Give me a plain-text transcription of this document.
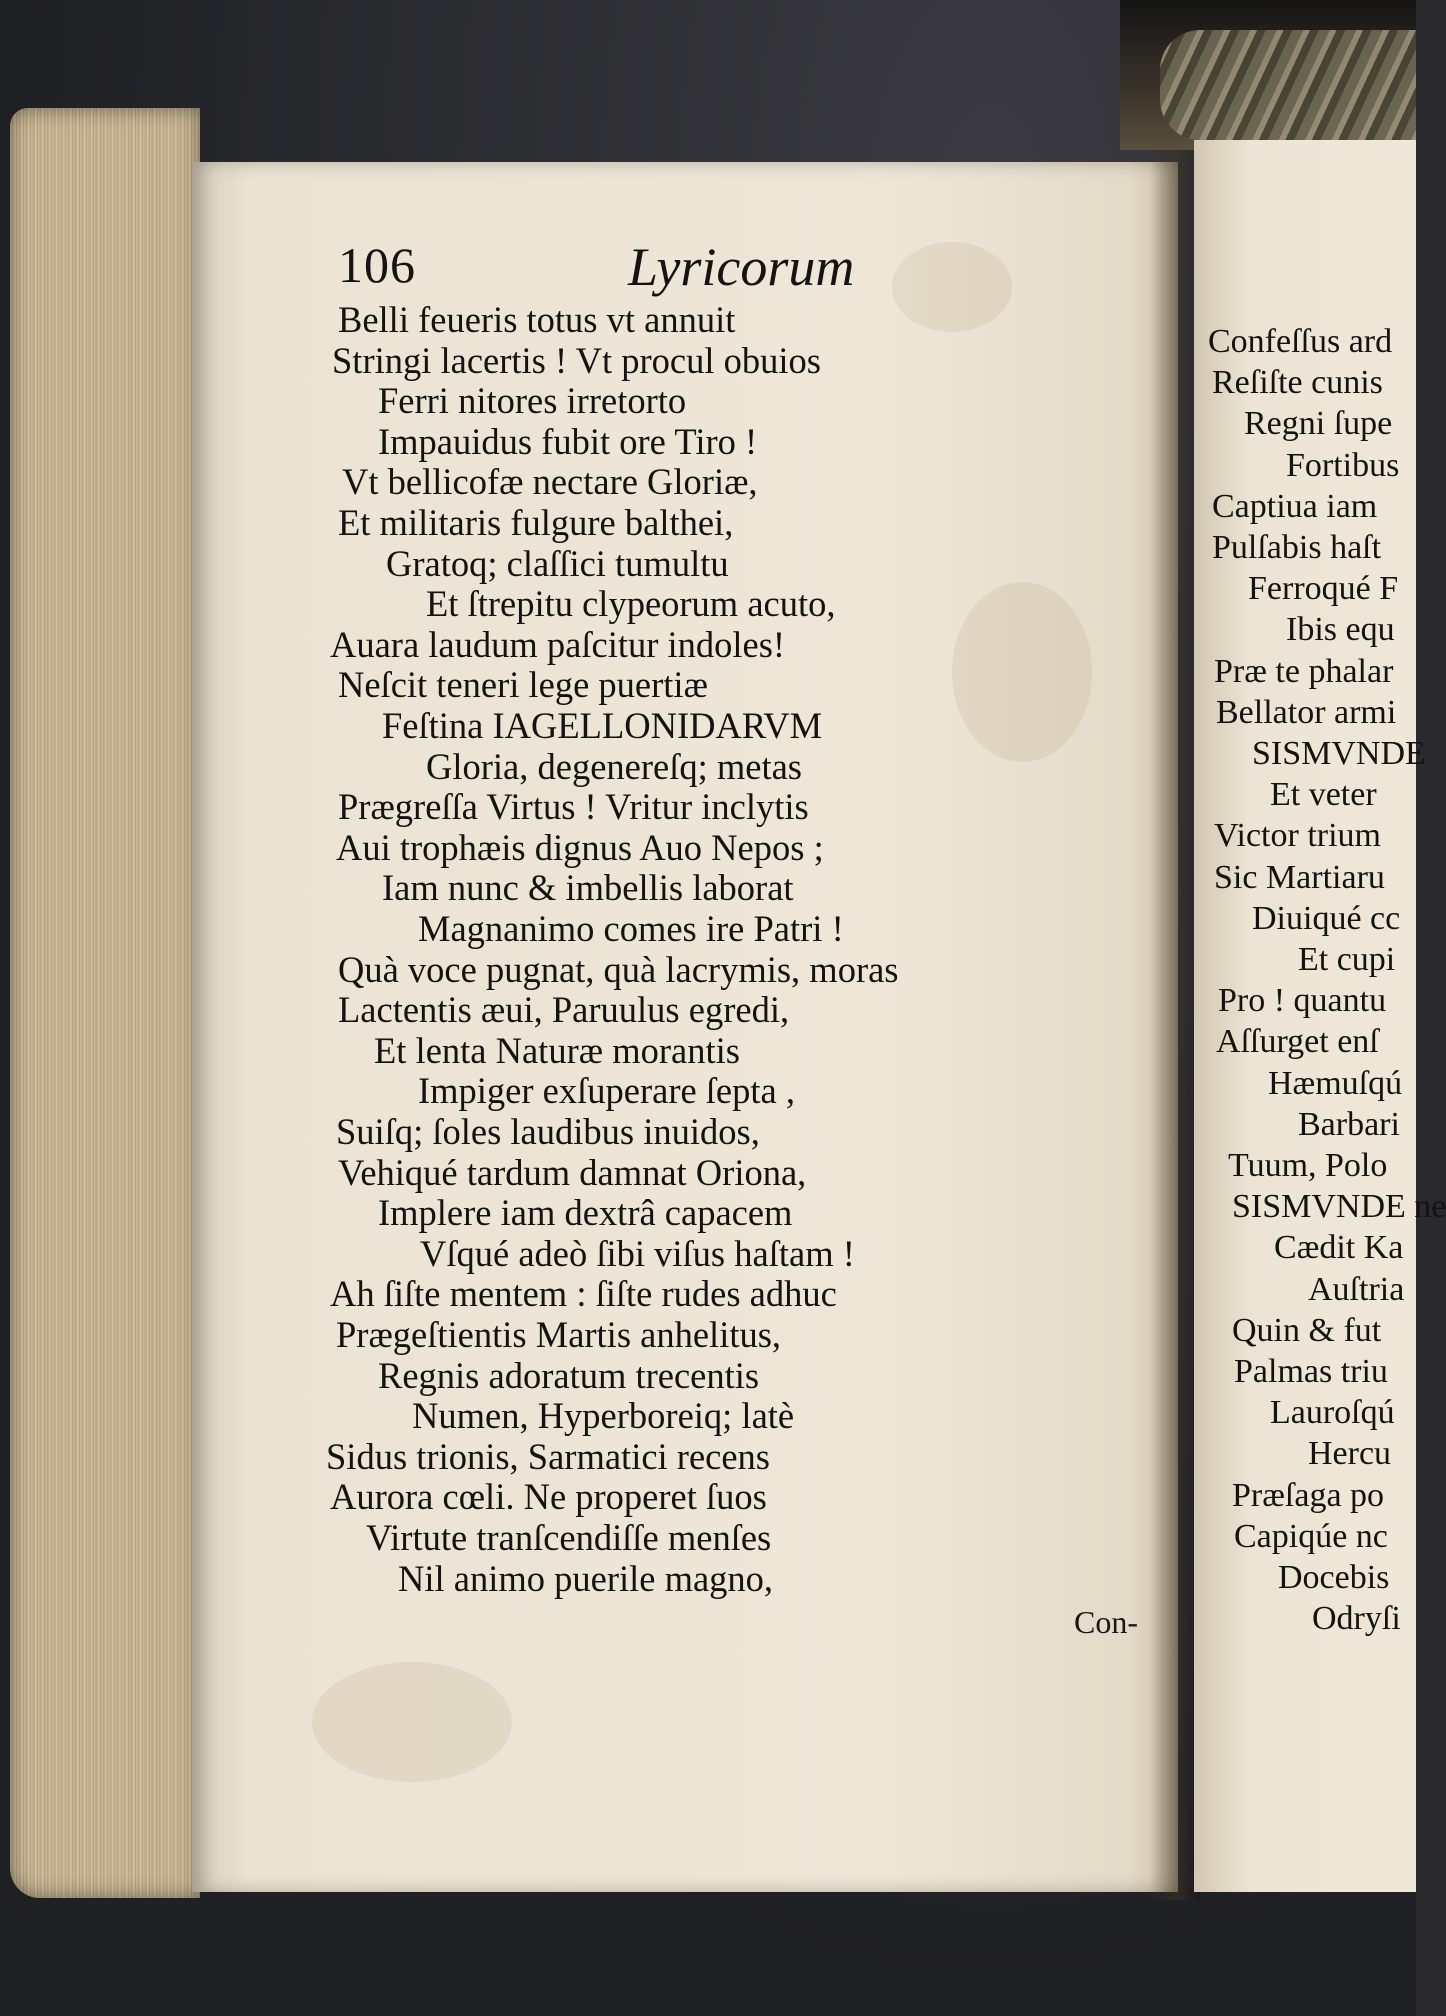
Confeſſus ard
Reſiſte cunis
Regni ſupe
Fortibus
Captiua iam
Pulſabis haſt
Ferroqué F
Ibis equ
Præ te phalar
Bellator armi
SISMVNDE
Et veter
Victor trium
Sic Martiaru
Diuiqué cc
Et cupi
Pro ! quantu
Aſſurget enſ
Hæmuſqú
Barbari
Tuum, Polo
SISMVNDE ne
Cædit Ka
Auſtria
Quin & fut
Palmas triu
Lauroſqú
Hercu
Præſaga po
Capiqúe nc
Docebis
Odryſi
106	Lyricorum
Belli feueris totus vt annuit
Stringi lacertis ! Vt procul obuios
Ferri nitores irretorto
Impauidus fubit ore Tiro !
Vt bellicofæ nectare Gloriæ,
Et militaris fulgure balthei,
Gratoq; claſſici tumultu
Et ſtrepitu clypeorum acuto,
Auara laudum paſcitur indoles!
Neſcit teneri lege puertiæ
Feſtina IAGELLONIDARVM
Gloria, degenereſq; metas
Prægreſſa Virtus ! Vritur inclytis
Aui trophæis dignus Auo Nepos ;
Iam nunc & imbellis laborat
Magnanimo comes ire Patri !
Quà voce pugnat, quà lacrymis, moras
Lactentis æui, Paruulus egredi,
Et lenta Naturæ morantis
Impiger exſuperare ſepta ,
Suiſq; ſoles laudibus inuidos,
Vehiqué tardum damnat Oriona,
Implere iam dextrâ capacem
Vſqué adeò ſibi viſus haſtam !
Ah ſiſte mentem : ſiſte rudes adhuc
Prægeſtientis Martis anhelitus,
Regnis adoratum trecentis
Numen, Hyperboreiq; latè
Sidus trionis, Sarmatici recens
Aurora cœli. Ne properet ſuos
Virtute tranſcendiſſe menſes
Nil animo puerile magno,
Con-
